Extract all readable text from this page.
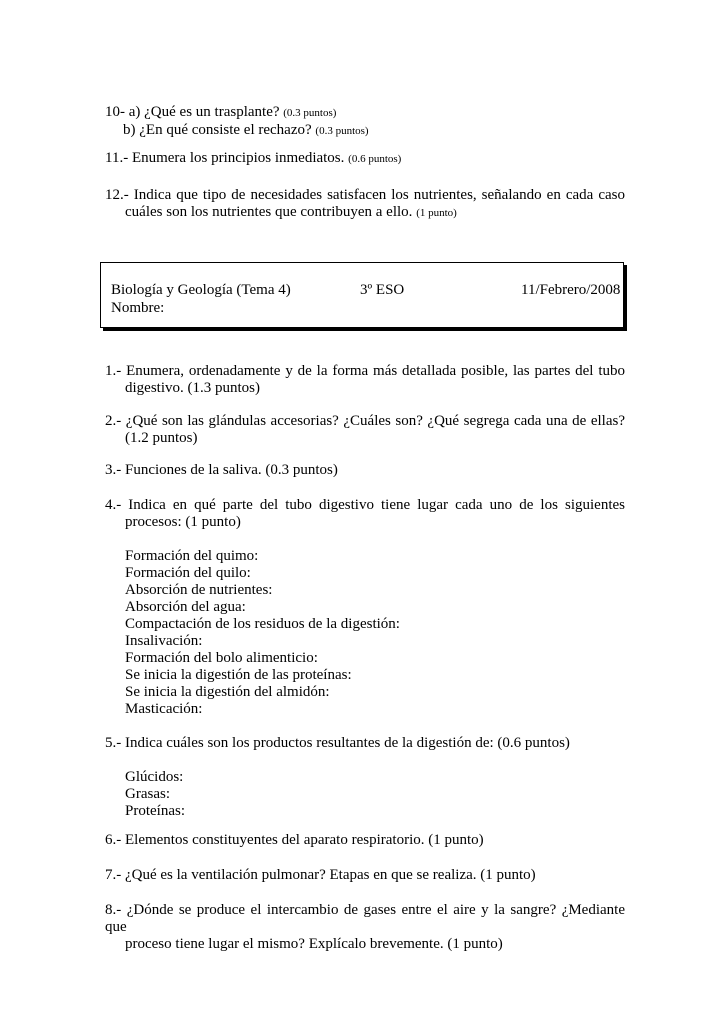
10- a) ¿Qué es un trasplante? (0.3 puntos)
b) ¿En qué consiste el rechazo? (0.3 puntos)
11.- Enumera los principios inmediatos. (0.6 puntos)
12.- Indica que tipo de necesidades satisfacen los nutrientes, señalando en cada caso
cuáles son los nutrientes que contribuyen a ello. (1 punto)
Biología y Geología (Tema 4)	3º ESO	11/Febrero/2008
Nombre:
1.- Enumera, ordenadamente y de la forma más detallada posible, las partes del tubo
digestivo. (1.3 puntos)
2.- ¿Qué son las glándulas accesorias? ¿Cuáles son? ¿Qué segrega cada una de ellas?
(1.2 puntos)
3.- Funciones de la saliva. (0.3 puntos)
4.- Indica en qué parte del tubo digestivo tiene lugar cada uno de los siguientes
procesos: (1 punto)
Formación del quimo:
Formación del quilo:
Absorción de nutrientes:
Absorción del agua:
Compactación de los residuos de la digestión:
Insalivación:
Formación del bolo alimenticio:
Se inicia la digestión de las proteínas:
Se inicia la digestión del almidón:
Masticación:
5.- Indica cuáles son los productos resultantes de la digestión de: (0.6 puntos)
Glúcidos:
Grasas:
Proteínas:
6.- Elementos constituyentes del aparato respiratorio. (1 punto)
7.- ¿Qué es la ventilación pulmonar? Etapas en que se realiza. (1 punto)
8.- ¿Dónde se produce el intercambio de gases entre el aire y la sangre? ¿Mediante que
proceso tiene lugar el mismo? Explícalo brevemente. (1 punto)
